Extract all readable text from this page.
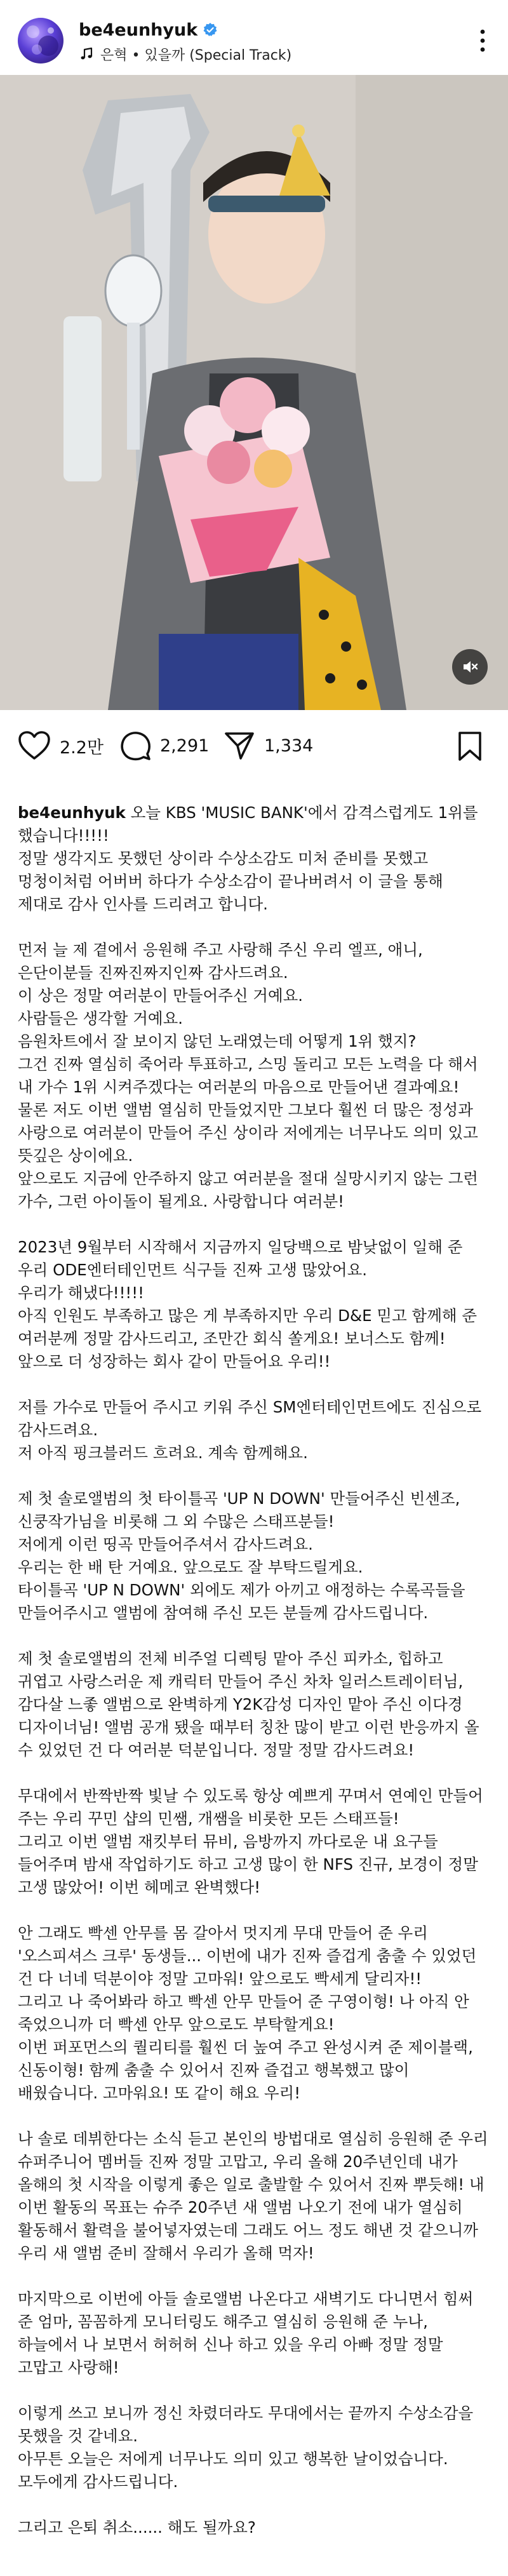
be4eunhyuk
은혁 • 있을까 (Special Track)
2.2만	2,291	1,334

be4eunhyuk 오늘 KBS 'MUSIC BANK'에서 감격스럽게도 1위를 했습니다!!!!!
정말 생각지도 못했던 상이라 수상소감도 미처 준비를 못했고 멍청이처럼 어버버 하다가 수상소감이 끝나버려서 이 글을 통해 제대로 감사 인사를 드리려고 합니다.

먼저 늘 제 곁에서 응원해 주고 사랑해 주신 우리 엘프, 애니, 은단이분들 진짜진짜지인짜 감사드려요.
이 상은 정말 여러분이 만들어주신 거예요.
사람들은 생각할 거예요.
음원차트에서 잘 보이지 않던 노래였는데 어떻게 1위 했지?
그건 진짜 열심히 죽어라 투표하고, 스밍 돌리고 모든 노력을 다 해서 내 가수 1위 시켜주겠다는 여러분의 마음으로 만들어낸 결과예요!
물론 저도 이번 앨범 열심히 만들었지만 그보다 훨씬 더 많은 정성과 사랑으로 여러분이 만들어 주신 상이라 저에게는 너무나도 의미 있고 뜻깊은 상이에요.
앞으로도 지금에 안주하지 않고 여러분을 절대 실망시키지 않는 그런 가수, 그런 아이돌이 될게요. 사랑합니다 여러분!

2023년 9월부터 시작해서 지금까지 일당백으로 밤낮없이 일해 준 우리 ODE엔터테인먼트 식구들 진짜 고생 많았어요.
우리가 해냈다!!!!!
아직 인원도 부족하고 많은 게 부족하지만 우리 D&E 믿고 함께해 준 여러분께 정말 감사드리고, 조만간 회식 쏠게요! 보너스도 함께!
앞으로 더 성장하는 회사 같이 만들어요 우리!!

저를 가수로 만들어 주시고 키워 주신 SM엔터테인먼트에도 진심으로 감사드려요.
저 아직 핑크블러드 흐려요. 계속 함께해요.

제 첫 솔로앨범의 첫 타이틀곡 'UP N DOWN' 만들어주신 빈센조, 신쿵작가님을 비롯해 그 외 수많은 스태프분들!
저에게 이런 띵곡 만들어주셔서 감사드려요.
우리는 한 배 탄 거예요. 앞으로도 잘 부탁드릴게요.
타이틀곡 'UP N DOWN' 외에도 제가 아끼고 애정하는 수록곡들을 만들어주시고 앨범에 참여해 주신 모든 분들께 감사드립니다.

제 첫 솔로앨범의 전체 비주얼 디렉팅 맡아 주신 피카소, 힙하고 귀엽고 사랑스러운 제 캐릭터 만들어 주신 차차 일러스트레이터님, 감다살 느좋 앨범으로 완벽하게 Y2K감성 디자인 맡아 주신 이다경 디자이너님! 앨범 공개 됐을 때부터 칭찬 많이 받고 이런 반응까지 올 수 있었던 건 다 여러분 덕분입니다. 정말 정말 감사드려요!

무대에서 반짝반짝 빛날 수 있도록 항상 예쁘게 꾸며서 연예인 만들어 주는 우리 꾸민 샵의 민쌤, 개쌤을 비롯한 모든 스태프들!
그리고 이번 앨범 재킷부터 뮤비, 음방까지 까다로운 내 요구들 들어주며 밤새 작업하기도 하고 고생 많이 한 NFS 진규, 보경이 정말 고생 많았어! 이번 헤메코 완벽했다!

안 그래도 빡센 안무를 몸 갈아서 멋지게 무대 만들어 준 우리 '오스피셔스 크루' 동생들... 이번에 내가 진짜 즐겁게 춤출 수 있었던 건 다 너네 덕분이야 정말 고마워! 앞으로도 빡세게 달리자!!
그리고 나 죽어봐라 하고 빡센 안무 만들어 준 구영이형! 나 아직 안 죽었으니까 더 빡센 안무 앞으로도 부탁할게요!
이번 퍼포먼스의 퀄리티를 훨씬 더 높여 주고 완성시켜 준 제이블랙, 신동이형! 함께 춤출 수 있어서 진짜 즐겁고 행복했고 많이 배웠습니다. 고마워요! 또 같이 해요 우리!

나 솔로 데뷔한다는 소식 듣고 본인의 방법대로 열심히 응원해 준 우리 슈퍼주니어 멤버들 진짜 정말 고맙고, 우리 올해 20주년인데 내가 올해의 첫 시작을 이렇게 좋은 일로 출발할 수 있어서 진짜 뿌듯해! 내 이번 활동의 목표는 슈주 20주년 새 앨범 나오기 전에 내가 열심히 활동해서 활력을 불어넣자였는데 그래도 어느 정도 해낸 것 같으니까 우리 새 앨범 준비 잘해서 우리가 올해 먹자!

마지막으로 이번에 아들 솔로앨범 나온다고 새벽기도 다니면서 힘써 준 엄마, 꼼꼼하게 모니터링도 해주고 열심히 응원해 준 누나, 하늘에서 나 보면서 허허허 신나 하고 있을 우리 아빠 정말 정말 고맙고 사랑해!

이렇게 쓰고 보니까 정신 차렸더라도 무대에서는 끝까지 수상소감을 못했을 것 같네요.
아무튼 오늘은 저에게 너무나도 의미 있고 행복한 날이었습니다.
모두에게 감사드립니다.

그리고 은퇴 취소...... 해도 될까요?
